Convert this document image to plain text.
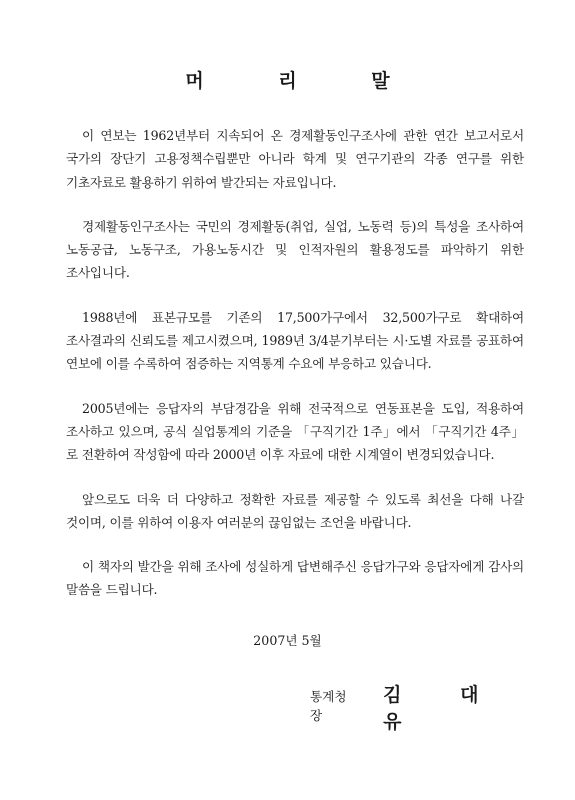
머 리 말

이 연보는 1962년부터 지속되어 온 경제활동인구조사에 관한 연간 보고서로서 국가의 장단기 고용정책수립뿐만 아니라 학계 및 연구기관의 각종 연구를 위한 기초자료로 활용하기 위하여 발간되는 자료입니다.

경제활동인구조사는 국민의 경제활동(취업, 실업, 노동력 등)의 특성을 조사하여 노동공급, 노동구조, 가용노동시간 및 인적자원의 활용정도를 파악하기 위한 조사입니다.

1988년에 표본규모를 기존의 17,500가구에서 32,500가구로 확대하여 조사결과의 신뢰도를 제고시켰으며, 1989년 3/4분기부터는 시·도별 자료를 공표하여 연보에 이를 수록하여 점증하는 지역통계 수요에 부응하고 있습니다.

2005년에는 응답자의 부담경감을 위해 전국적으로 연동표본을 도입, 적용하여 조사하고 있으며, 공식 실업통계의 기준을 「구직기간 1주」에서 「구직기간 4주」로 전환하여 작성함에 따라 2000년 이후 자료에 대한 시계열이 변경되었습니다.

앞으로도 더욱 더 다양하고 정확한 자료를 제공할 수 있도록 최선을 다해 나갈 것이며, 이를 위하여 이용자 여러분의 끊임없는 조언을 바랍니다.

이 책자의 발간을 위해 조사에 성실하게 답변해주신 응답가구와 응답자에게 감사의 말씀을 드립니다.

2007년 5월
통계청장
김 대 유
